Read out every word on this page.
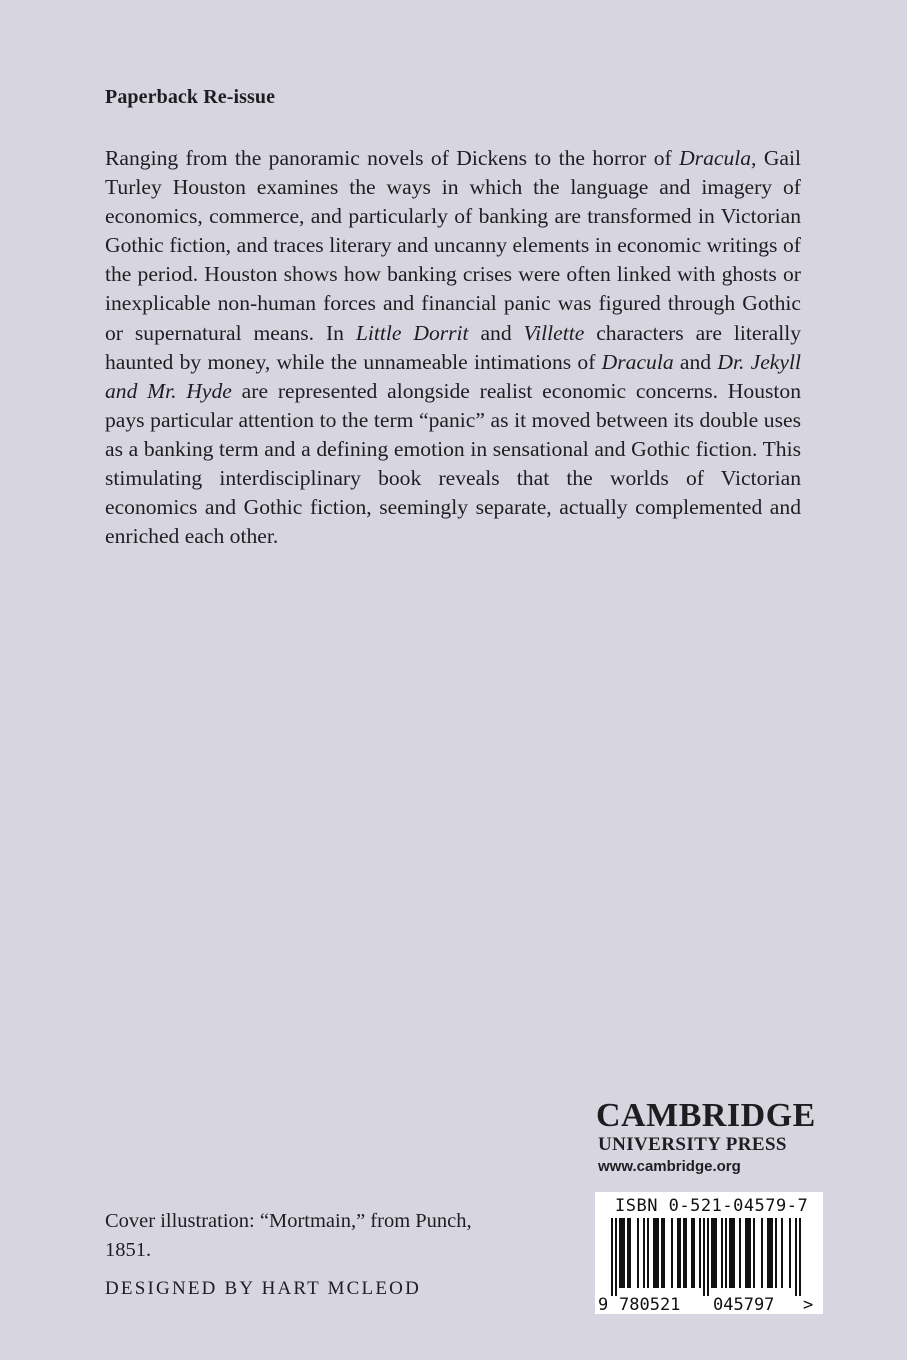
Paperback Re-issue

Ranging from the panoramic novels of Dickens to the horror of Dracula, Gail Turley Houston examines the ways in which the language and imagery of economics, commerce, and particularly of banking are transformed in Victorian Gothic fiction, and traces literary and uncanny elements in economic writings of the period. Houston shows how banking crises were often linked with ghosts or inexplicable non-human forces and financial panic was figured through Gothic or supernatural means. In Little Dorrit and Villette characters are literally haunted by money, while the unnameable intimations of Dracula and Dr. Jekyll and Mr. Hyde are represented alongside realist economic concerns. Houston pays particular attention to the term “panic” as it moved between its double uses as a banking term and a defining emotion in sensational and Gothic fiction. This stimulating interdisciplinary book reveals that the worlds of Victorian economics and Gothic fiction, seemingly separate, actually complemented and enriched each other.

CAMBRIDGE
UNIVERSITY PRESS
www.cambridge.org
ISBN 0-521-04579-7
9 780521 045797 >
Cover illustration: “Mortmain,” from Punch, 1851.
DESIGNED BY HART MCLEOD
